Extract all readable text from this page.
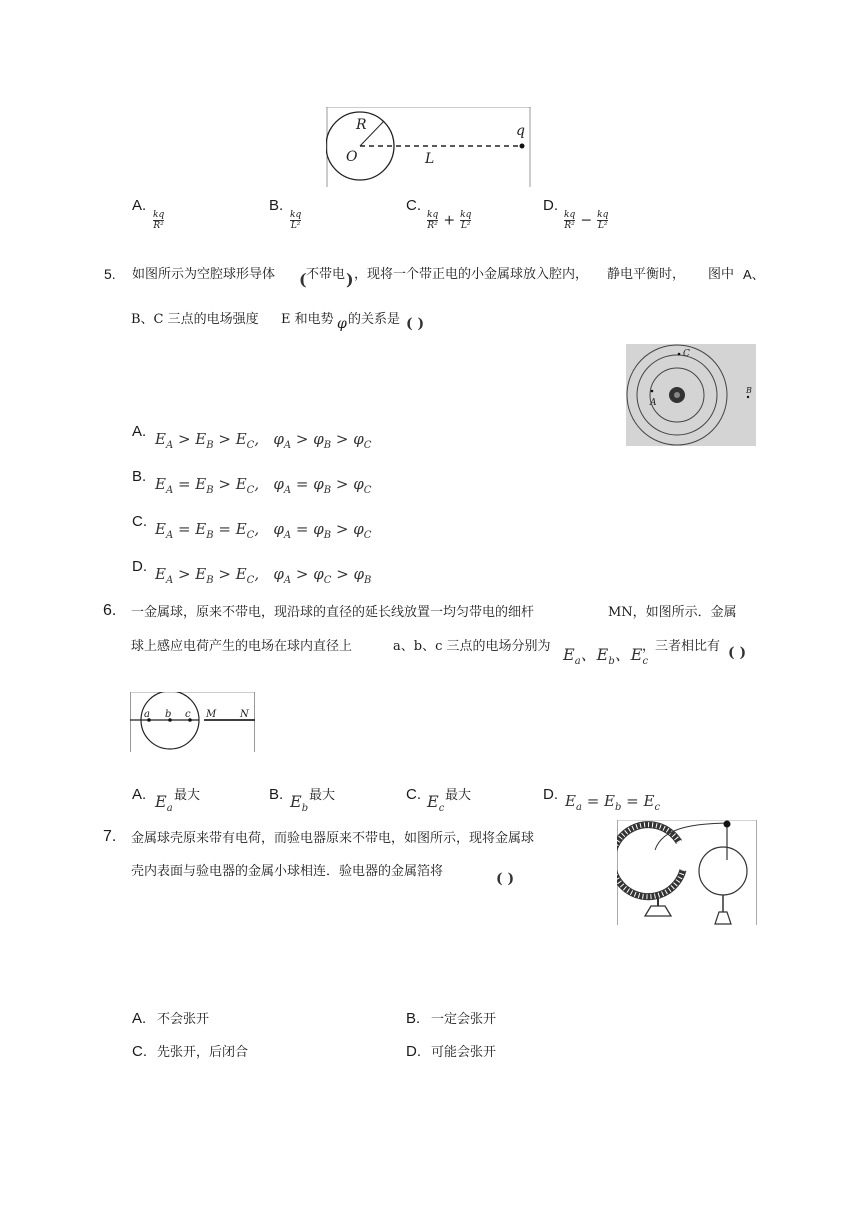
R
O	L
q
A.
$\frac{kq}{\text{R²}}$
B.
$\frac{kq}{\text{L²}}$
C.
$\frac{kq}{\text{R²}} + \frac{kq}{\text{L²}}$
D.
$\frac{kq}{\text{R²}} - \frac{kq}{\text{L²}}$
5. 如图所示为空腔球形导体 ( 不带电 ) ，现将一个带正电的小金属球放入腔内， 静电平衡时， 图中 A、
B、C 三点的电场强度 E 和电势 φ 的关系是 ( )
A
C
B
A. $E_A > E_B > E_C$,   $\varphi_A > \varphi_B > \varphi_C$
B. $E_A = E_B > E_C$,   $\varphi_A = \varphi_B > \varphi_C$
C. $E_A = E_B = E_C$,   $\varphi_A = \varphi_B > \varphi_C$
D. $E_A > E_B > E_C$,   $\varphi_A > \varphi_C > \varphi_B$
6. 一金属球，原来不带电，现沿球的直径的延长线放置一均匀带电的细杆	MN，如图所示．金属
球上感应电荷产生的电场在球内直径上	a、b、c 三点的电场分别为 $E_a$、$E_b$、$E_c$
，三者相比有 ( )
a b c M N
A. $E_a$
最大	B. $E_b$
最大	C. $E_c$
最大	D. $E_a = E_b = E_c$
7. 金属球壳原来带有电荷，而验电器原来不带电，如图所示，现将金属球
壳内表面与验电器的金属小球相连．验电器的金属箔将	( )
A. 不会张开	B. 一定会张开
C. 先张开，后闭合	D. 可能会张开
